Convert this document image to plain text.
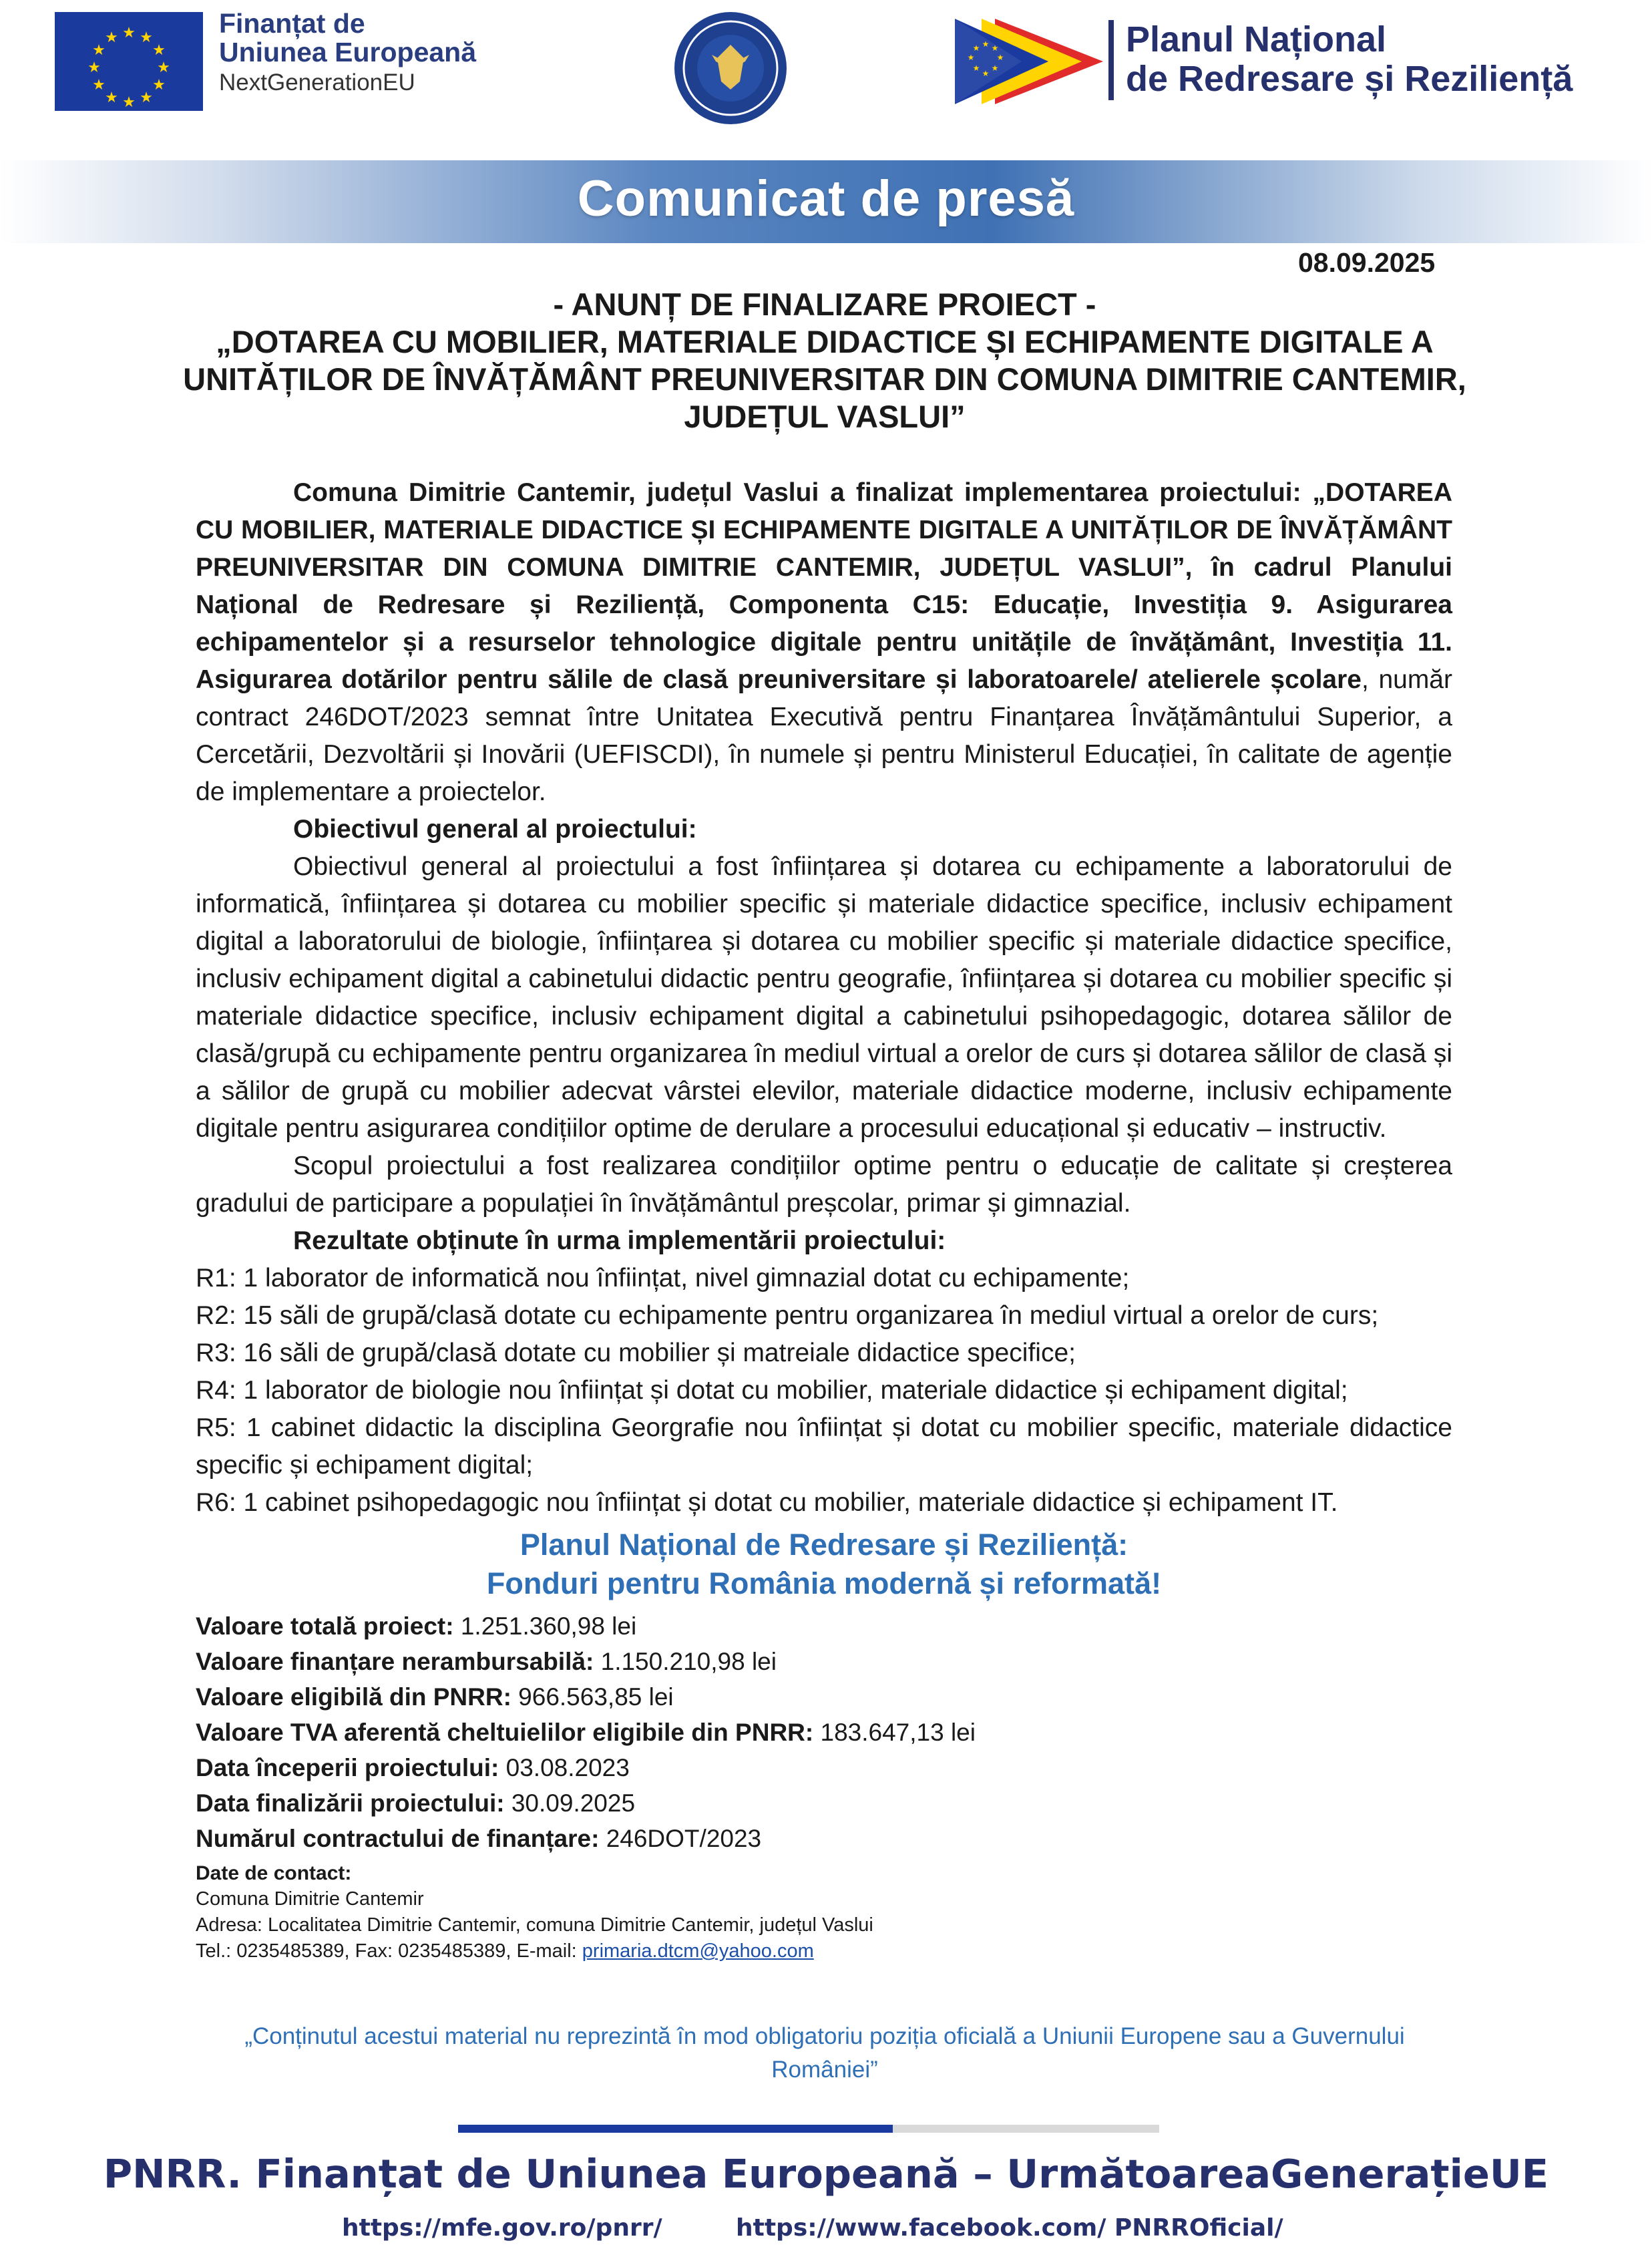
★ ★
★
★
★
★
★
★
★
★
★
★	Finanțat de
Uniunea Europeană
NextGenerationEU
★ ★
★
★
★
★
★
★	Planul Național
de Redresare și Reziliență
Comunicat de presă
08.09.2025

- ANUNȚ DE FINALIZARE PROIECT -

„DOTAREA CU MOBILIER, MATERIALE DIDACTICE ȘI ECHIPAMENTE DIGITALE A UNITĂȚILOR DE ÎNVĂȚĂMÂNT PREUNIVERSITAR DIN COMUNA DIMITRIE CANTEMIR, JUDEȚUL VASLUI”

Comuna Dimitrie Cantemir, județul Vaslui a finalizat implementarea proiectului: „DOTAREA CU MOBILIER, MATERIALE DIDACTICE ȘI ECHIPAMENTE DIGITALE A UNITĂȚILOR DE ÎNVĂȚĂMÂNT PREUNIVERSITAR DIN COMUNA DIMITRIE CANTEMIR, JUDEȚUL VASLUI”, în cadrul Planului Național de Redresare și Reziliență, Componenta C15: Educație, Investiția 9. Asigurarea echipamentelor și a resurselor tehnologice digitale pentru unitățile de învățământ, Investiția 11. Asigurarea dotărilor pentru sălile de clasă preuniversitare și laboratoarele/ atelierele școlare, număr contract 246DOT/2023 semnat între Unitatea Executivă pentru Finanțarea Învățământului Superior, a Cercetării, Dezvoltării și Inovării (UEFISCDI), în numele și pentru Ministerul Educației, în calitate de agenție de implementare a proiectelor.

Obiectivul general al proiectului:

Obiectivul general al proiectului a fost înființarea și dotarea cu echipamente a laboratorului de informatică, înființarea și dotarea cu mobilier specific și materiale didactice specifice, inclusiv echipament digital a laboratorului de biologie, înființarea și dotarea cu mobilier specific și materiale didactice specifice, inclusiv echipament digital a cabinetului didactic pentru geografie, înființarea și dotarea cu mobilier specific și materiale didactice specifice, inclusiv echipament digital a cabinetului psihopedagogic, dotarea sălilor de clasă/grupă cu echipamente pentru organizarea în mediul virtual a orelor de curs și dotarea sălilor de clasă și a sălilor de grupă cu mobilier adecvat vârstei elevilor, materiale didactice moderne, inclusiv echipamente digitale pentru asigurarea condițiilor optime de derulare a procesului educațional și educativ – instructiv.

Scopul proiectului a fost realizarea condițiilor optime pentru o educație de calitate și creșterea gradului de participare a populației în învățământul preșcolar, primar și gimnazial.

Rezultate obținute în urma implementării proiectului:

R1: 1 laborator de informatică nou înființat, nivel gimnazial dotat cu echipamente;

R2: 15 săli de grupă/clasă dotate cu echipamente pentru organizarea în mediul virtual a orelor de curs;

R3: 16 săli de grupă/clasă dotate cu mobilier și matreiale didactice specifice;

R4: 1 laborator de biologie nou înființat și dotat cu mobilier, materiale didactice și echipament digital;

R5: 1 cabinet didactic la disciplina Georgrafie nou înființat și dotat cu mobilier specific, materiale didactice specific și echipament digital;

R6: 1 cabinet psihopedagogic nou înființat și dotat cu mobilier, materiale didactice și echipament IT.

Planul Național de Redresare și Reziliență:
Fonduri pentru România modernă și reformată!
Valoare totală proiect: 1.251.360,98 lei
Valoare finanțare nerambursabilă: 1.150.210,98 lei
Valoare eligibilă din PNRR: 966.563,85 lei
Valoare TVA aferentă cheltuielilor eligibile din PNRR: 183.647,13 lei
Data începerii proiectului: 03.08.2023
Data finalizării proiectului: 30.09.2025
Numărul contractului de finanțare: 246DOT/2023
Date de contact:
Comuna Dimitrie Cantemir
Adresa: Localitatea Dimitrie Cantemir, comuna Dimitrie Cantemir, județul Vaslui
Tel.: 0235485389, Fax: 0235485389, E-mail: primaria.dtcm@yahoo.com
„Conținutul acestui material nu reprezintă în mod obligatoriu poziția oficială a Uniunii Europene sau a Guvernului României”
PNRR. Finanțat de Uniunea Europeană – UrmătoareaGenerațieUE
https://mfe.gov.ro/pnrr/	https://www.facebook.com/ PNRROficial/
